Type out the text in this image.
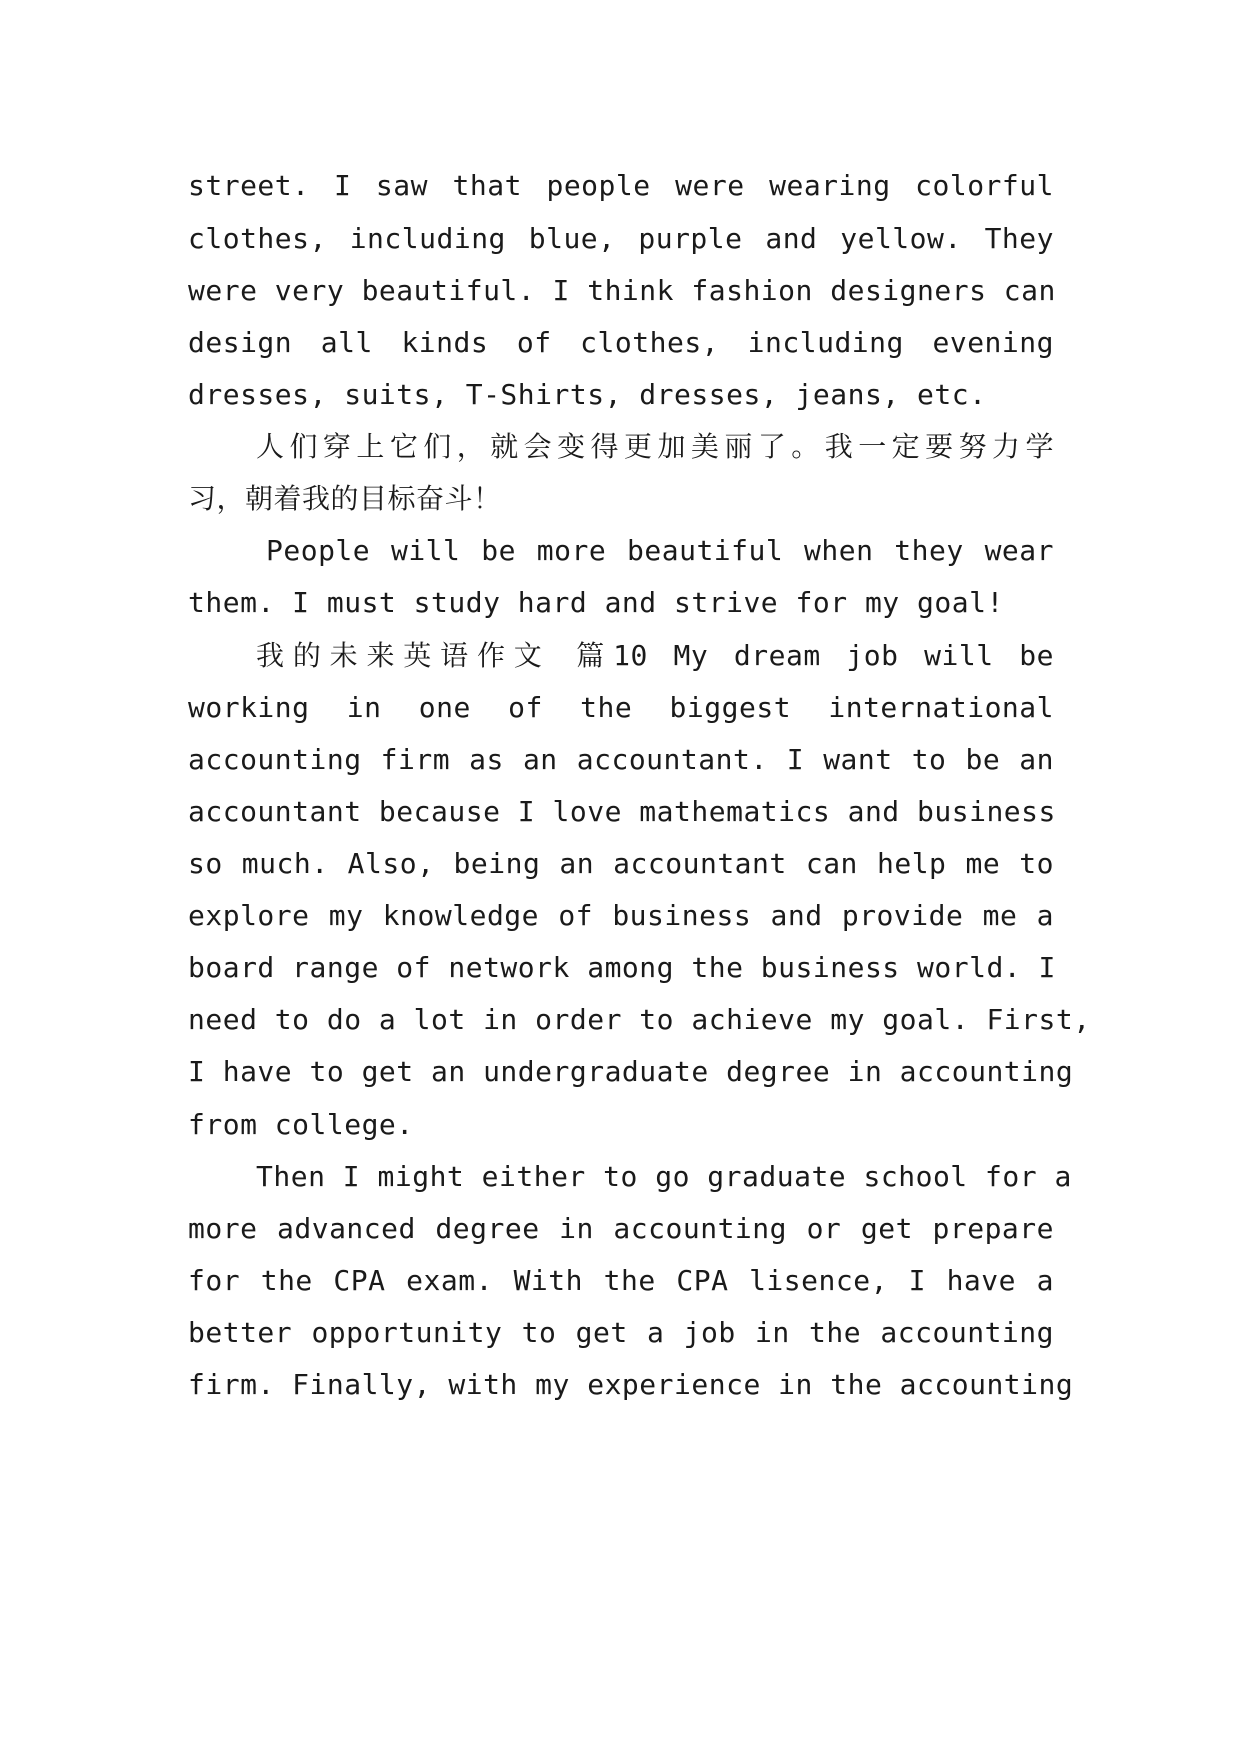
street. I saw that people were wearing colorful
clothes, including blue, purple and yellow. They
were very beautiful. I think fashion designers can
design all kinds of clothes, including evening
dresses, suits, T-Shirts, dresses, jeans, etc.
人们穿上它们，就会变得更加美丽了。我一定要努力学
习，朝着我的目标奋斗！
People will be more beautiful when they wear
them. I must study hard and strive for my goal!
我的未来英语作文 篇10 My dream job will be
working in one of the biggest international
accounting firm as an accountant. I want to be an
accountant because I love mathematics and business
so much. Also, being an accountant can help me to
explore my knowledge of business and provide me a
board range of network among the business world. I
need to do a lot in order to achieve my goal. First,
I have to get an undergraduate degree in accounting
from college.
Then I might either to go graduate school for a
more advanced degree in accounting or get prepare
for the CPA exam. With the CPA lisence, I have a
better opportunity to get a job in the accounting
firm. Finally, with my experience in the accounting
